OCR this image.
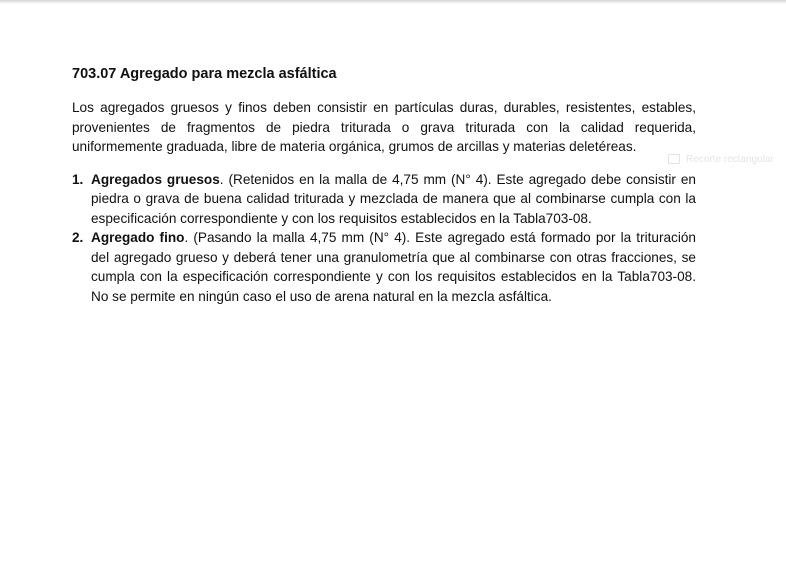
703.07 Agregado para mezcla asfáltica

Los agregados gruesos y finos deben consistir en partículas duras, durables, resistentes, estables, provenientes de fragmentos de piedra triturada o grava triturada con la calidad requerida, uniformemente graduada, libre de materia orgánica, grumos de arcillas y materias deletéreas.

1. Agregados gruesos. (Retenidos en la malla de 4,75 mm (N° 4). Este agregado debe consistir en piedra o grava de buena calidad triturada y mezclada de manera que al combinarse cumpla con la especificación correspondiente y con los requisitos establecidos en la Tabla703-08.
2. Agregado fino. (Pasando la malla 4,75 mm (N° 4). Este agregado está formado por la trituración del agregado grueso y deberá tener una granulometría que al combinarse con otras fracciones, se cumpla con la especificación correspondiente y con los requisitos establecidos en la Tabla703-08. No se permite en ningún caso el uso de arena natural en la mezcla asfáltica.
Recorte rectangular
